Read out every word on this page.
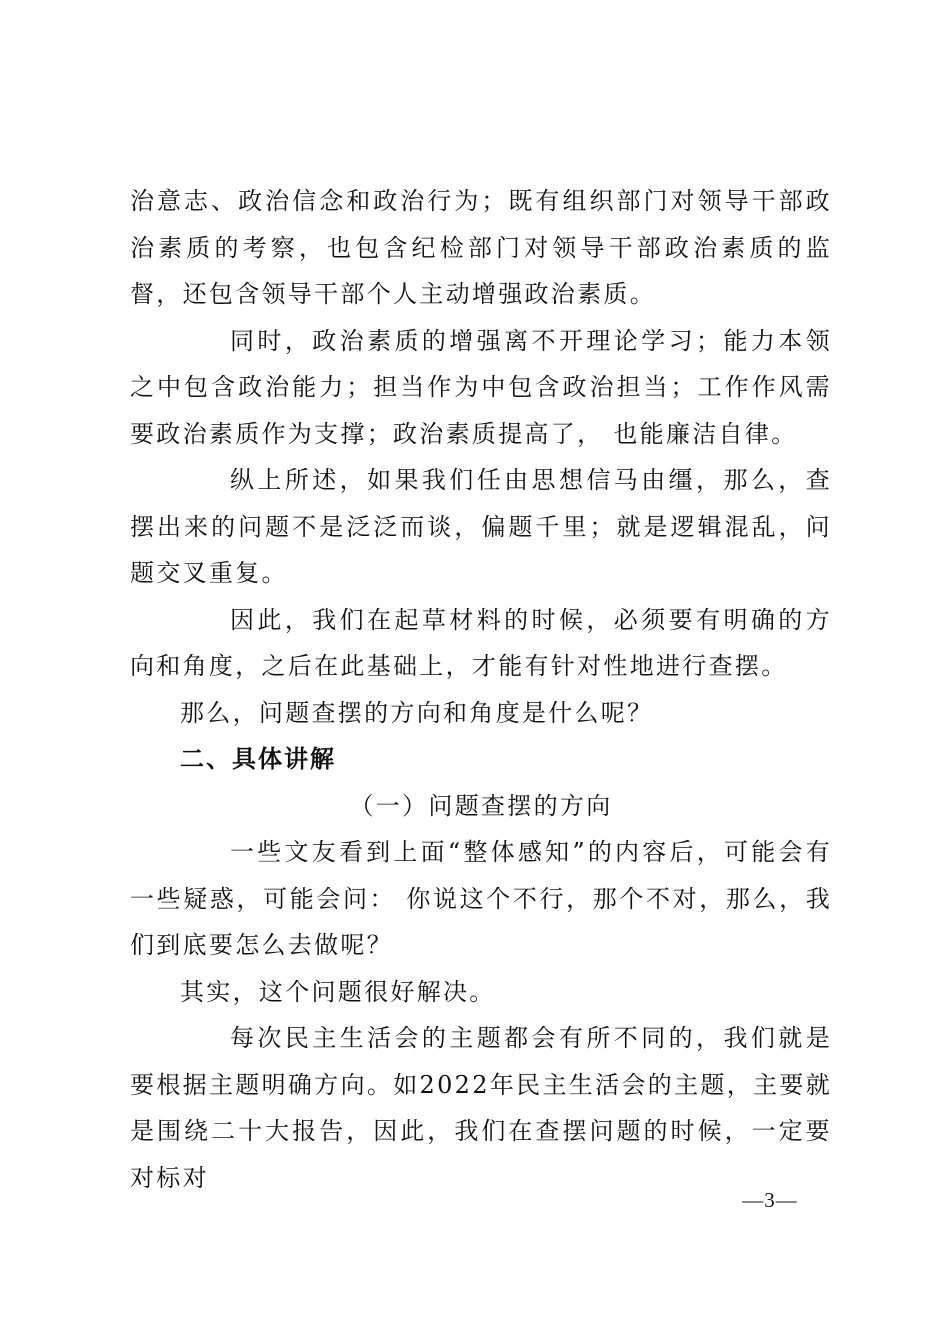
治意志、政治信念和政治行为；既有组织部门对领导干部政治素质的考察，也包含纪检部门对领导干部政治素质的监督，还包含领导干部个人主动增强政治素质。

同时，政治素质的增强离不开理论学习；能力本领之中包含政治能力；担当作为中包含政治担当；工作作风需要政治素质作为支撑；政治素质提高了， 也能廉洁自律。

纵上所述，如果我们任由思想信马由缰，那么，查摆出来的问题不是泛泛而谈，偏题千里；就是逻辑混乱，问题交叉重复。

因此，我们在起草材料的时候，必须要有明确的方向和角度，之后在此基础上，才能有针对性地进行查摆。

那么，问题查摆的方向和角度是什么呢？

二、具体讲解

（一）问题查摆的方向

一些文友看到上面“整体感知”的内容后，可能会有一些疑惑，可能会问： 你说这个不行，那个不对，那么，我们到底要怎么去做呢？

其实，这个问题很好解决。

每次民主生活会的主题都会有所不同的，我们就是要根据主题明确方向。如2022年民主生活会的主题，主要就是围绕二十大报告，因此，我们在查摆问题的时候，一定要对标对

—3—
